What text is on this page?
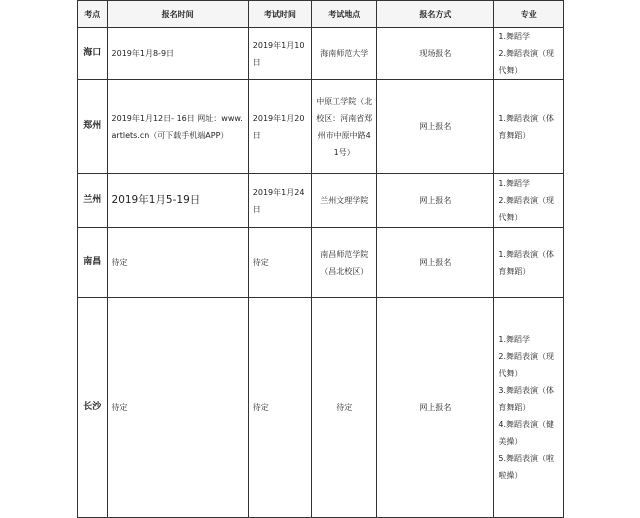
考点	报名时间	考试时间	考试地点	报名方式	专业
海口	2019年1月8-9日	2019年1月10日	海南师范大学	现场报名	1.舞蹈学
2.舞蹈表演（现代舞）

郑州	2019年1月12日- 16日 网址：www.artlets.cn（可下载手机端APP）	2019年1月20日	中原工学院（北校区：河南省郑州市中原中路41号）	网上报名	1.舞蹈表演（体育舞蹈）

兰州	2019年1月5-19日	2019年1月24日	兰州文理学院	网上报名	1.舞蹈学
2.舞蹈表演（现代舞）

南昌	待定	待定	南昌师范学院（昌北校区）	网上报名	1.舞蹈表演（体育舞蹈）

长沙	待定	待定	待定	网上报名	1.舞蹈学
2.舞蹈表演（现代舞）
3.舞蹈表演（体育舞蹈）
4.舞蹈表演（健美操）
5.舞蹈表演（啦啦操）
